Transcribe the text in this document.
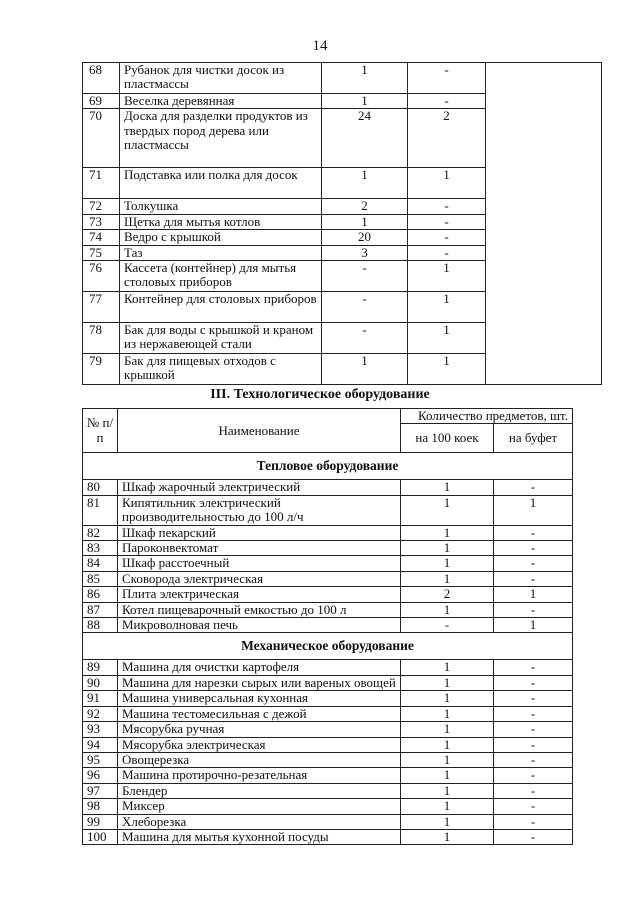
14
68	Рубанок для чистки досок из пластмассы	1	-	
69	Веселка деревянная	1	-	
70	Доска для разделки продуктов из твердых пород дерева или пластмассы	24	2	
71	Подставка или полка для досок	1	1	
72	Толкушка	2	-	
73	Щетка для мытья котлов	1	-	
74	Ведро с крышкой	20	-	
75	Таз	3	-	
76	Кассета (контейнер) для мытья столовых приборов	-	1	
77	Контейнер для столовых приборов	-	1	
78	Бак для воды с крышкой и краном из нержавеющей стали	-	1	
79	Бак для пищевых отходов с крышкой	1	1	
III. Технологическое оборудование
№ п/п	Наименование	Количество предметов, шт.	
		на 100 коек	на буфет
Тепловое оборудование			
80	Шкаф жарочный электрический	1	-
81	Кипятильник электрический производительностью до 100 л/ч	1	1
82	Шкаф пекарский	1	-
83	Пароконвектомат	1	-
84	Шкаф расстоечный	1	-
85	Сковорода электрическая	1	-
86	Плита электрическая	2	1
87	Котел пищеварочный емкостью до 100 л	1	-
88	Микроволновая печь	-	1
Механическое оборудование			
89	Машина для очистки картофеля	1	-
90	Машина для нарезки сырых или вареных овощей	1	-
91	Машина универсальная кухонная	1	-
92	Машина тестомесильная с дежой	1	-
93	Мясорубка ручная	1	-
94	Мясорубка электрическая	1	-
95	Овощерезка	1	-
96	Машина протирочно-резательная	1	-
97	Блендер	1	-
98	Миксер	1	-
99	Хлеборезка	1	-
100	Машина для мытья кухонной посуды	1	-
